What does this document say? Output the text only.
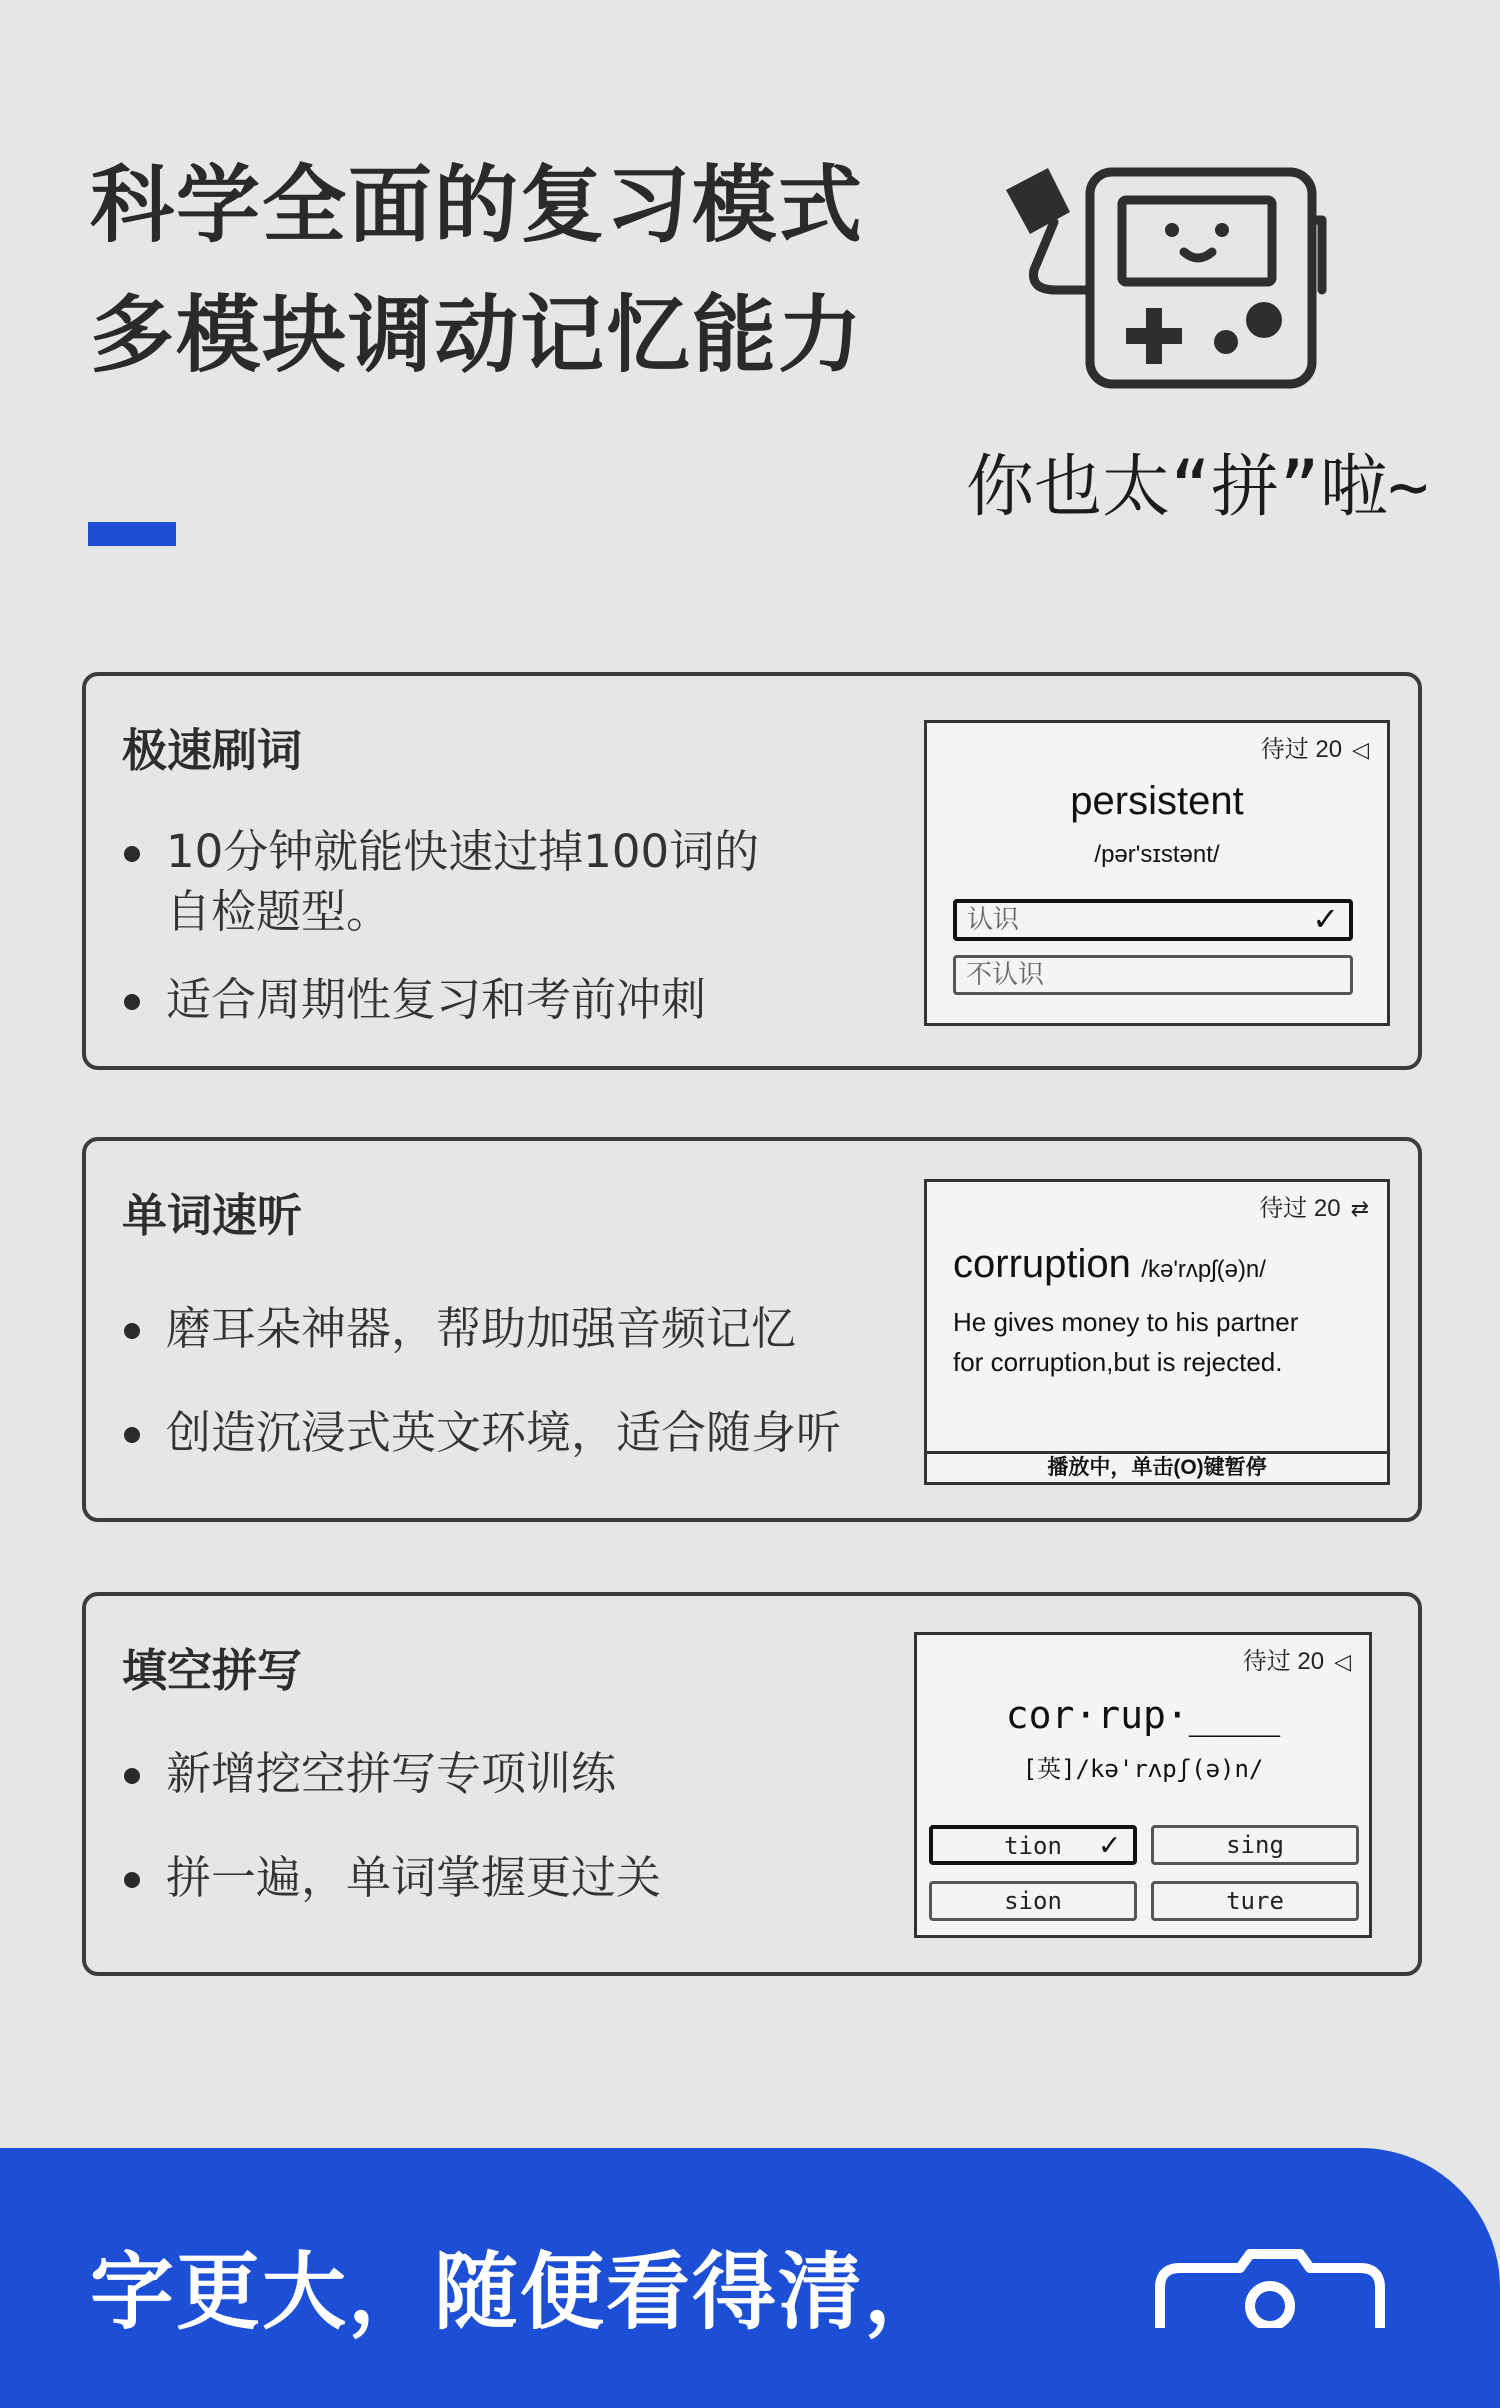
科学全面的复习模式
多模块调动记忆能力
你也太“拼”啦~
极速刷词
10分钟就能快速过掉100词的
自检题型。
适合周期性复习和考前冲刺
待过 20 ◁
persistent
/pər'sɪstənt/
认识	✓
不认识
单词速听
磨耳朵神器，帮助加强音频记忆
创造沉浸式英文环境，适合随身听
待过 20 ⇄
corruption /kə'rʌpʃ(ə)n/
He gives money to his partner
for corruption,but is rejected.
播放中，单击(O)键暂停
填空拼写
新增挖空拼写专项训练
拼一遍，单词掌握更过关
待过 20 ◁
cor·rup·____
[英]/kə'rʌpʃ(ə)n/
tion ✓	sing
sion	ture
字更大，随便看得清，
